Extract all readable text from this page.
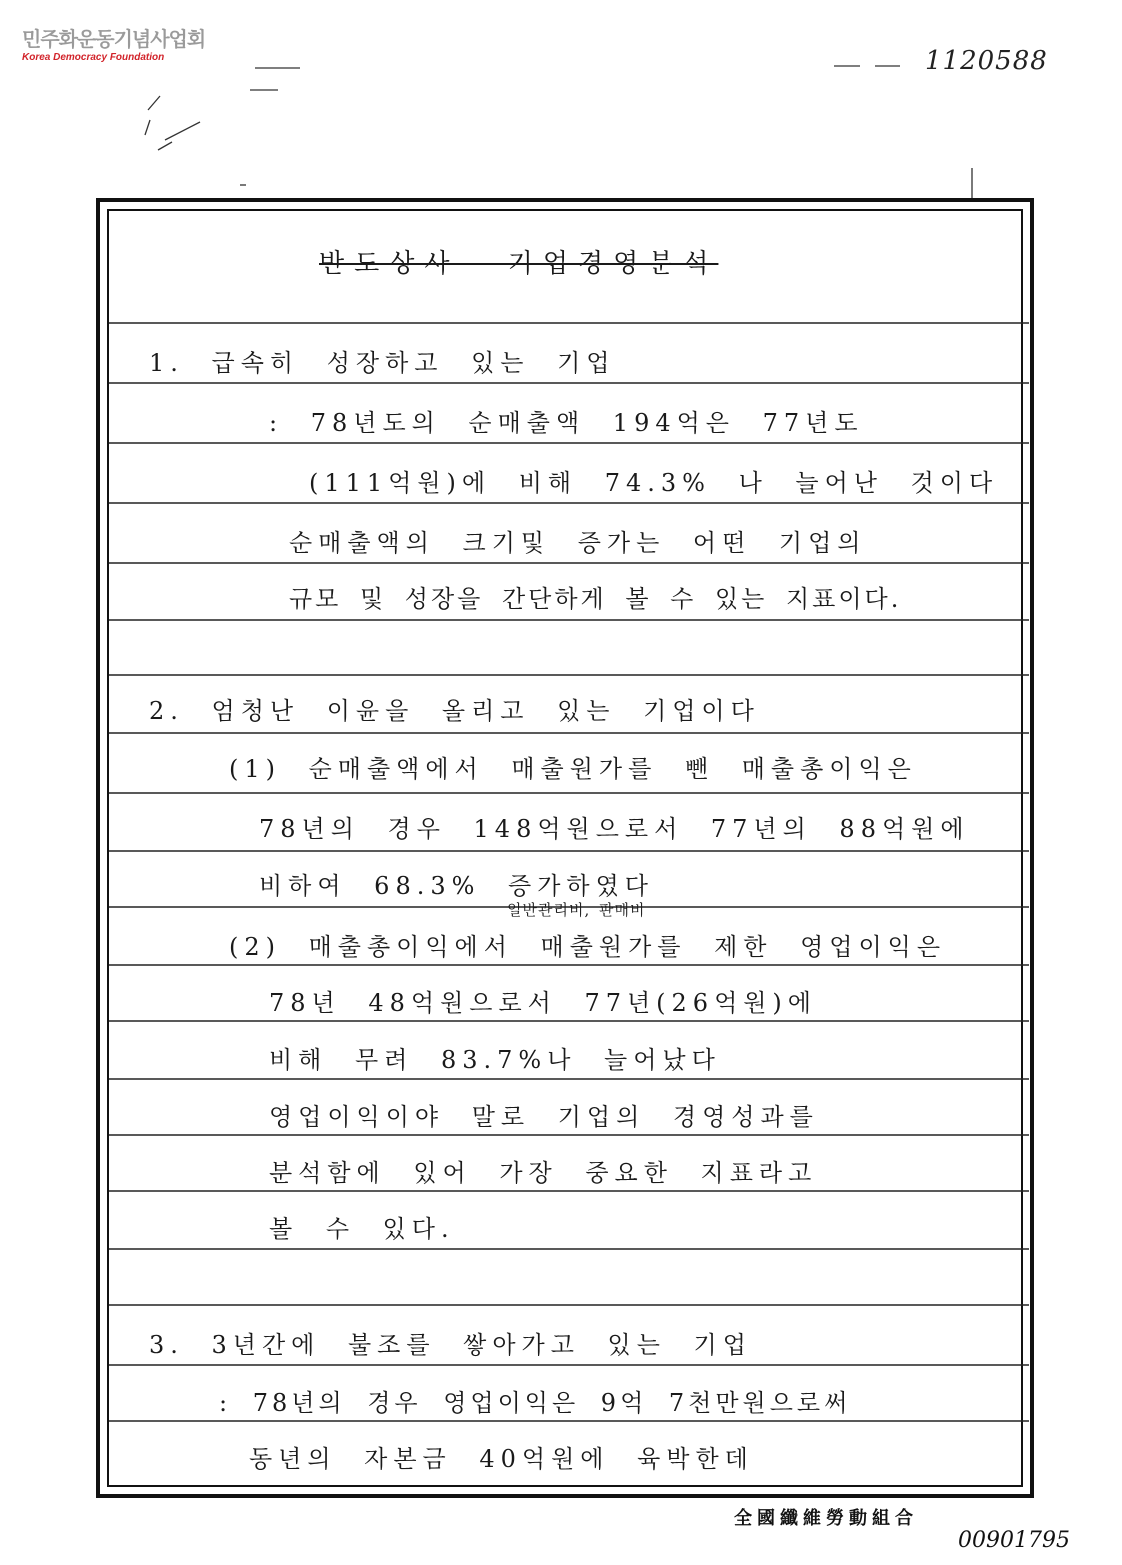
민주화운동기념사업회
Korea Democracy Foundation	1120588
반도상사 기업경영분석
1. 급속히 성장하고 있는 기업
: 78년도의 순매출액 194억은 77년도
(111억원)에 비해 74.3% 나 늘어난 것이다
순매출액의 크기및 증가는 어떤 기업의
규모 및 성장을 간단하게 볼 수 있는 지표이다.
2. 엄청난 이윤을 올리고 있는 기업이다
(1) 순매출액에서 매출원가를 뺀 매출총이익은
78년의 경우 148억원으로서 77년의 88억원에
비하여 68.3% 증가하였다
일반관리비, 판매비
(2) 매출총이익에서 매출원가를 제한 영업이익은
78년 48억원으로서 77년(26억원)에
비해 무려 83.7%나 늘어났다
영업이익이야 말로 기업의 경영성과를
분석함에 있어 가장 중요한 지표라고
볼 수 있다.
3. 3년간에 불조를 쌓아가고 있는 기업
: 78년의 경우 영업이익은 9억 7천만원으로써
동년의 자본금 40억원에 육박한데
全國纖維勞動組合
00901795
